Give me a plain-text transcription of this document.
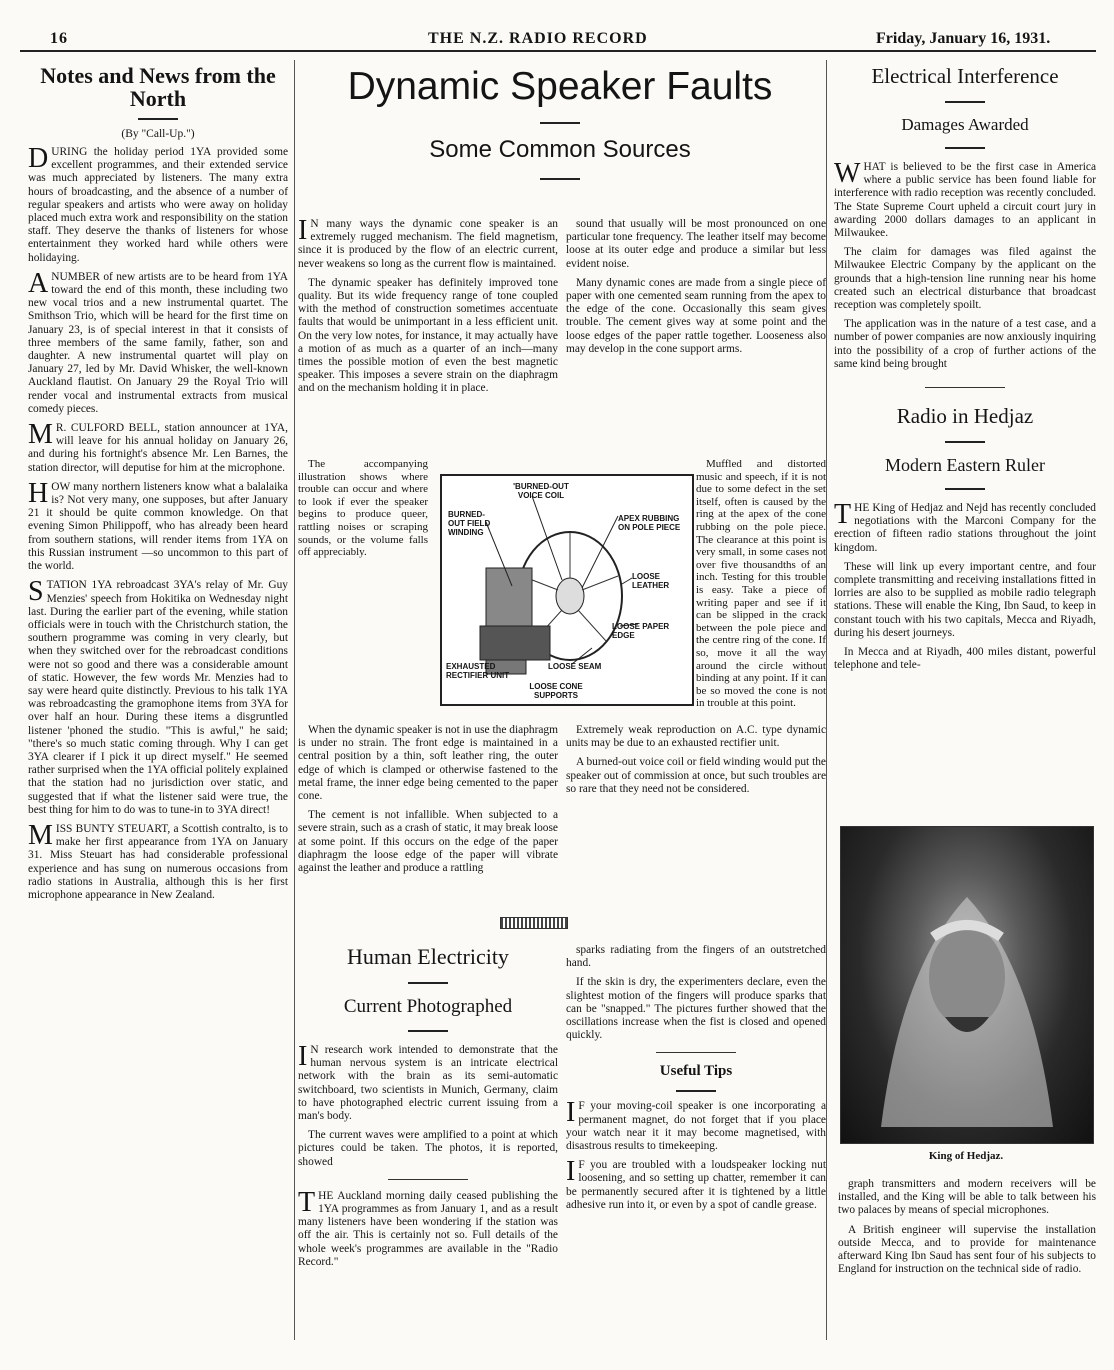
16	THE N.Z. RADIO RECORD	Friday, January 16, 1931.
Notes and News from the North
(By "Call-Up.")

DURING the holiday period 1YA provided some excellent programmes, and their extended service was much appreciated by listeners. The many extra hours of broadcasting, and the absence of a number of regular speakers and artists who were away on holiday placed much extra work and responsibility on the station staff. They deserve the thanks of listeners for whose entertainment they worked hard while others were holidaying.

A NUMBER of new artists are to be heard from 1YA toward the end of this month, these including two new vocal trios and a new instrumental quartet. The Smithson Trio, which will be heard for the first time on January 23, is of special interest in that it consists of three members of the same family, father, son and daughter. A new instrumental quartet will play on January 27, led by Mr. David Whisker, the well-known Auckland flautist. On January 29 the Royal Trio will render vocal and instrumental extracts from musical comedy pieces.

M R. CULFORD BELL, station announcer at 1YA, will leave for his annual holiday on January 26, and during his fortnight's absence Mr. Len Barnes, the station director, will deputise for him at the microphone.

HOW many northern listeners know what a balalaika is? Not very many, one supposes, but after January 21 it should be quite common knowledge. On that evening Simon Philippoff, who has already been heard from southern stations, will render items from 1YA on this Russian instrument —so uncommon to this part of the world.

STATION 1YA rebroadcast 3YA's relay of Mr. Guy Menzies' speech from Hokitika on Wednesday night last. During the earlier part of the evening, while station officials were in touch with the Christchurch station, the southern programme was coming in very clearly, but when they switched over for the rebroadcast conditions were not so good and there was a considerable amount of static. However, the few words Mr. Menzies had to say were heard quite distinctly. Previous to his talk 1YA was rebroadcasting the gramophone items from 3YA for over half an hour. During these items a disgruntled listener 'phoned the studio. "This is awful," he said; "there's so much static coming through. Why I can get 3YA clearer if I pick it up direct myself." He seemed rather surprised when the 1YA official politely explained that the station had no jurisdiction over static, and suggested that if what the listener said were true, the best thing for him to do was to tune-in to 3YA direct!

MISS BUNTY STEUART, a Scottish contralto, is to make her first appearance from 1YA on January 31. Miss Steuart has had considerable professional experience and has sung on numerous occasions from radio stations in Australia, although this is her first microphone appearance in New Zealand.

Dynamic Speaker Faults
Some Common Sources

I N many ways the dynamic cone speaker is an extremely rugged mechanism. The field magnetism, since it is produced by the flow of an electric current, never weakens so long as the current flow is maintained.

The dynamic speaker has definitely improved tone quality. But its wide frequency range of tone coupled with the method of construction sometimes accentuate faults that would be unimportant in a less efficient unit. On the very low notes, for instance, it may actually have a motion of as much as a quarter of an inch—many times the possible motion of even the best magnetic speaker. This imposes a severe strain on the diaphragm and on the mechanism holding it in place.

The accompanying illustration shows where trouble can occur and where to look if ever the speaker begins to produce queer, rattling noises or scraping sounds, or the volume falls off appreciably.

When the dynamic speaker is not in use the diaphragm is under no strain. The front edge is maintained in a central position by a thin, soft leather ring, the outer edge of which is clamped or otherwise fastened to the metal frame, the inner edge being cemented to the paper cone.

The cement is not infallible. When subjected to a severe strain, such as a crash of static, it may break loose at some point. If this occurs on the edge of the paper diaphragm the loose edge of the paper will vibrate against the leather and produce a rattling

sound that usually will be most pronounced on one particular tone frequency. The leather itself may become loose at its outer edge and produce a similar but less evident noise.

Many dynamic cones are made from a single piece of paper with one cemented seam running from the apex to the edge of the cone. Occasionally this seam gives trouble. The cement gives way at some point and the loose edges of the paper rattle together. Looseness also may develop in the cone support arms.

Muffled and distorted music and speech, if it is not due to some defect in the set itself, often is caused by the ring at the apex of the cone rubbing on the pole piece. The clearance at this point is very small, in some cases not over five thousandths of an inch. Testing for this trouble is easy. Take a piece of writing paper and see if it can be slipped in the crack between the pole piece and the centre ring of the cone. If so, move it all the way around the circle without binding at any point. If it can be so moved the cone is not in trouble at this point.

Extremely weak reproduction on A.C. type dynamic units may be due to an exhausted rectifier unit.

A burned-out voice coil or field winding would put the speaker out of commission at once, but such troubles are so rare that they need not be considered.

'BURNED-OUT VOICE COIL
BURNED-OUT FIELD WINDING
APEX RUBBING ON POLE PIECE
LOOSE LEATHER
LOOSE PAPER EDGE
EXHAUSTED RECTIFIER UNIT
LOOSE SEAM
LOOSE CONE SUPPORTS
Human Electricity
Current Photographed

I N research work intended to demonstrate that the human nervous system is an intricate electrical network with the brain as its semi-automatic switchboard, two scientists in Munich, Germany, claim to have photographed electric current issuing from a man's body.

The current waves were amplified to a point at which pictures could be taken. The photos, it is reported, showed

THE Auckland morning daily ceased publishing the 1YA programmes as from January 1, and as a result many listeners have been wondering if the station was off the air. This is certainly not so. Full details of the whole week's programmes are available in the "Radio Record."

sparks radiating from the fingers of an outstretched hand.

If the skin is dry, the experimenters declare, even the slightest motion of the fingers will produce sparks that can be "snapped." The pictures further showed that the oscillations increase when the fist is closed and opened quickly.

Useful Tips

I F your moving-coil speaker is one incorporating a permanent magnet, do not forget that if you place your watch near it it may become magnetised, with disastrous results to timekeeping.

I F you are troubled with a loudspeaker locking nut loosening, and so setting up chatter, remember it can be permanently secured after it is tightened by a little adhesive run into it, or even by a spot of candle grease.

Electrical Interference
Damages Awarded

WHAT is believed to be the first case in America where a public service has been found liable for interference with radio reception was recently concluded. The State Supreme Court upheld a circuit court jury in awarding 2000 dollars damages to an applicant in Milwaukee.

The claim for damages was filed against the Milwaukee Electric Company by the applicant on the grounds that a high-tension line running near his home created such an electrical disturbance that broadcast reception was completely spoilt.

The application was in the nature of a test case, and a number of power companies are now anxiously inquiring into the possibility of a crop of further actions of the same kind being brought

Radio in Hedjaz
Modern Eastern Ruler

THE King of Hedjaz and Nejd has recently concluded negotiations with the Marconi Company for the erection of fifteen radio stations throughout the joint kingdom.

These will link up every important centre, and four complete transmitting and receiving installations fitted in lorries are also to be supplied as mobile radio telegraph stations. These will enable the King, Ibn Saud, to keep in constant touch with his two capitals, Mecca and Riyadh, during his desert journeys.

In Mecca and at Riyadh, 400 miles distant, powerful telephone and tele-

King of Hedjaz.

graph transmitters and modern receivers will be installed, and the King will be able to talk between his two palaces by means of special microphones.

A British engineer will supervise the installation outside Mecca, and to provide for maintenance afterward King Ibn Saud has sent four of his subjects to England for instruction on the technical side of radio.
